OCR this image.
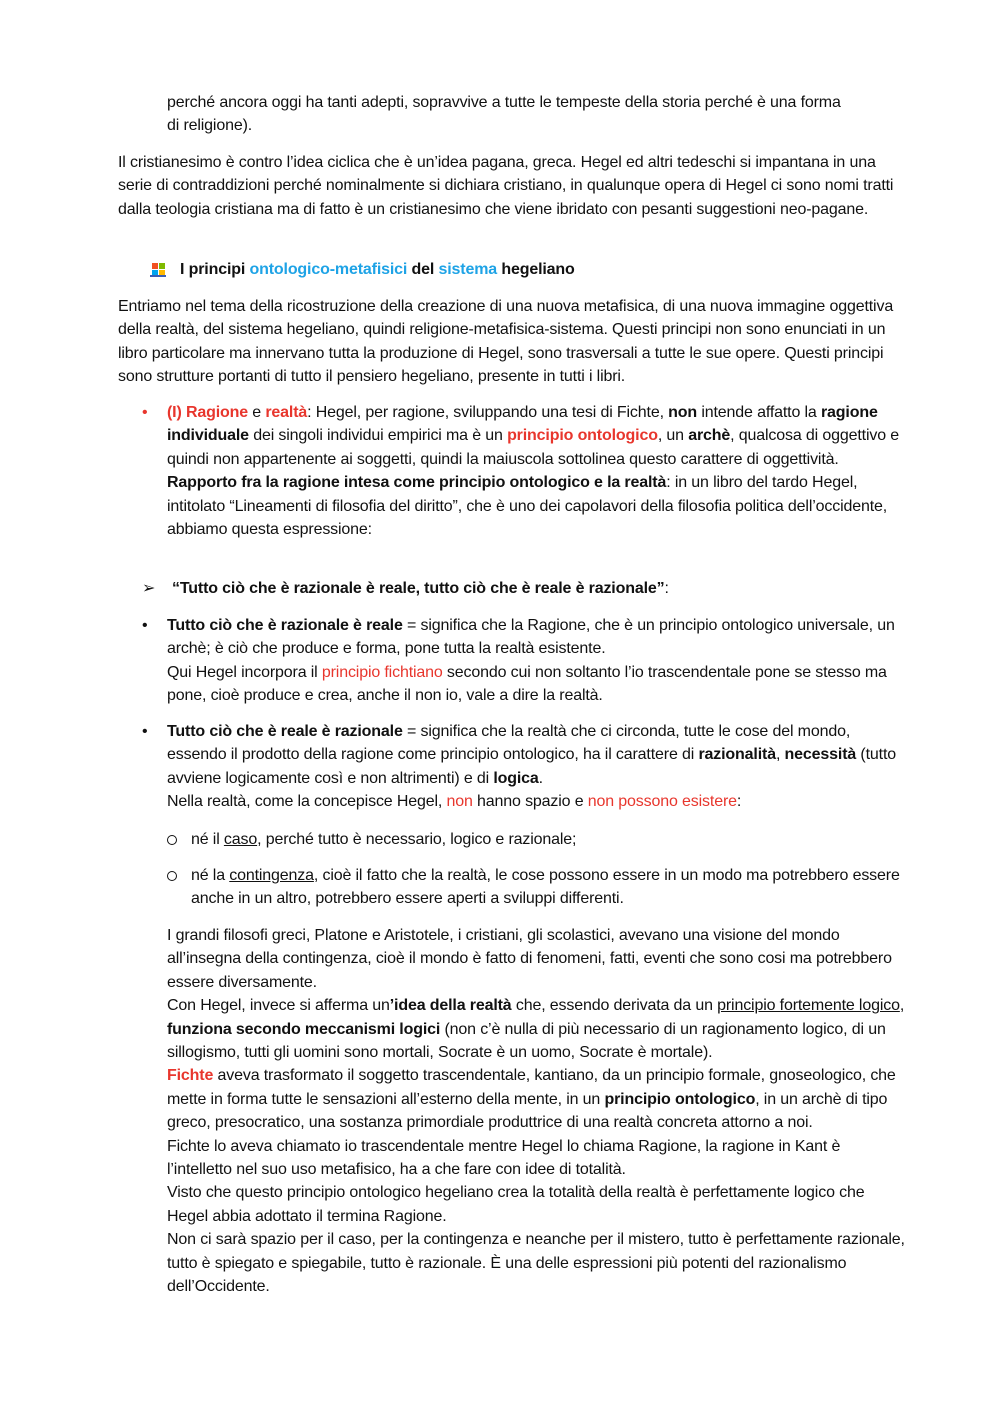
perché ancora oggi ha tanti adepti, sopravvive a tutte le tempeste della storia perché è una forma

di religione).

Il cristianesimo è contro l’idea ciclica che è un’idea pagana, greca. Hegel ed altri tedeschi si impantana in una serie di contraddizioni perché nominalmente si dichiara cristiano, in qualunque opera di Hegel ci sono nomi tratti dalla teologia cristiana ma di fatto è un cristianesimo che viene ibridato con pesanti suggestioni neo-pagane.

I principi ontologico-metafisici del sistema hegeliano

Entriamo nel tema della ricostruzione della creazione di una nuova metafisica, di una nuova immagine oggettiva della realtà, del sistema hegeliano, quindi religione-metafisica-sistema. Questi principi non sono enunciati in un libro particolare ma innervano tutta la produzione di Hegel, sono trasversali a tutte le sue opere. Questi principi sono strutture portanti di tutto il pensiero hegeliano, presente in tutti i libri.

•	(I) Ragione e realtà: Hegel, per ragione, sviluppando una tesi di Fichte, non intende affatto la ragione individuale dei singoli individui empirici ma è un principio ontologico, un archè, qualcosa di oggettivo e quindi non appartenente ai soggetti, quindi la maiuscola sottolinea questo carattere di oggettività.

Rapporto fra la ragione intesa come principio ontologico e la realtà: in un libro del tardo Hegel, intitolato “Lineamenti di filosofia del diritto”, che è uno dei capolavori della filosofia politica dell’occidente, abbiamo questa espressione:

➢ “Tutto ciò che è razionale è reale, tutto ciò che è reale è razionale”:

•	Tutto ciò che è razionale è reale = significa che la Ragione, che è un principio ontologico universale, un archè; è ciò che produce e forma, pone tutta la realtà esistente.

Qui Hegel incorpora il principio fichtiano secondo cui non soltanto l’io trascendentale pone se stesso ma pone, cioè produce e crea, anche il non io, vale a dire la realtà.

•	Tutto ciò che è reale è razionale = significa che la realtà che ci circonda, tutte le cose del mondo, essendo il prodotto della ragione come principio ontologico, ha il carattere di razionalità, necessità (tutto avviene logicamente così e non altrimenti) e di logica.

Nella realtà, come la concepisce Hegel, non hanno spazio e non possono esistere:

né il caso, perché tutto è necessario, logico e razionale;

né la contingenza, cioè il fatto che la realtà, le cose possono essere in un modo ma potrebbero essere anche in un altro, potrebbero essere aperti a sviluppi differenti.

I grandi filosofi greci, Platone e Aristotele, i cristiani, gli scolastici, avevano una visione del mondo all’insegna della contingenza, cioè il mondo è fatto di fenomeni, fatti, eventi che sono cosi ma potrebbero essere diversamente.

Con Hegel, invece si afferma un’idea della realtà che, essendo derivata da un principio fortemente logico, funziona secondo meccanismi logici (non c’è nulla di più necessario di un ragionamento logico, di un sillogismo, tutti gli uomini sono mortali, Socrate è un uomo, Socrate è mortale).

Fichte aveva trasformato il soggetto trascendentale, kantiano, da un principio formale, gnoseologico, che mette in forma tutte le sensazioni all’esterno della mente, in un principio ontologico, in un archè di tipo greco, presocratico, una sostanza primordiale produttrice di una realtà concreta attorno a noi.

Fichte lo aveva chiamato io trascendentale mentre Hegel lo chiama Ragione, la ragione in Kant è l’intelletto nel suo uso metafisico, ha a che fare con idee di totalità.

Visto che questo principio ontologico hegeliano crea la totalità della realtà è perfettamente logico che Hegel abbia adottato il termina Ragione.

Non ci sarà spazio per il caso, per la contingenza e neanche per il mistero, tutto è perfettamente razionale, tutto è spiegato e spiegabile, tutto è razionale. È una delle espressioni più potenti del razionalismo dell’Occidente.
